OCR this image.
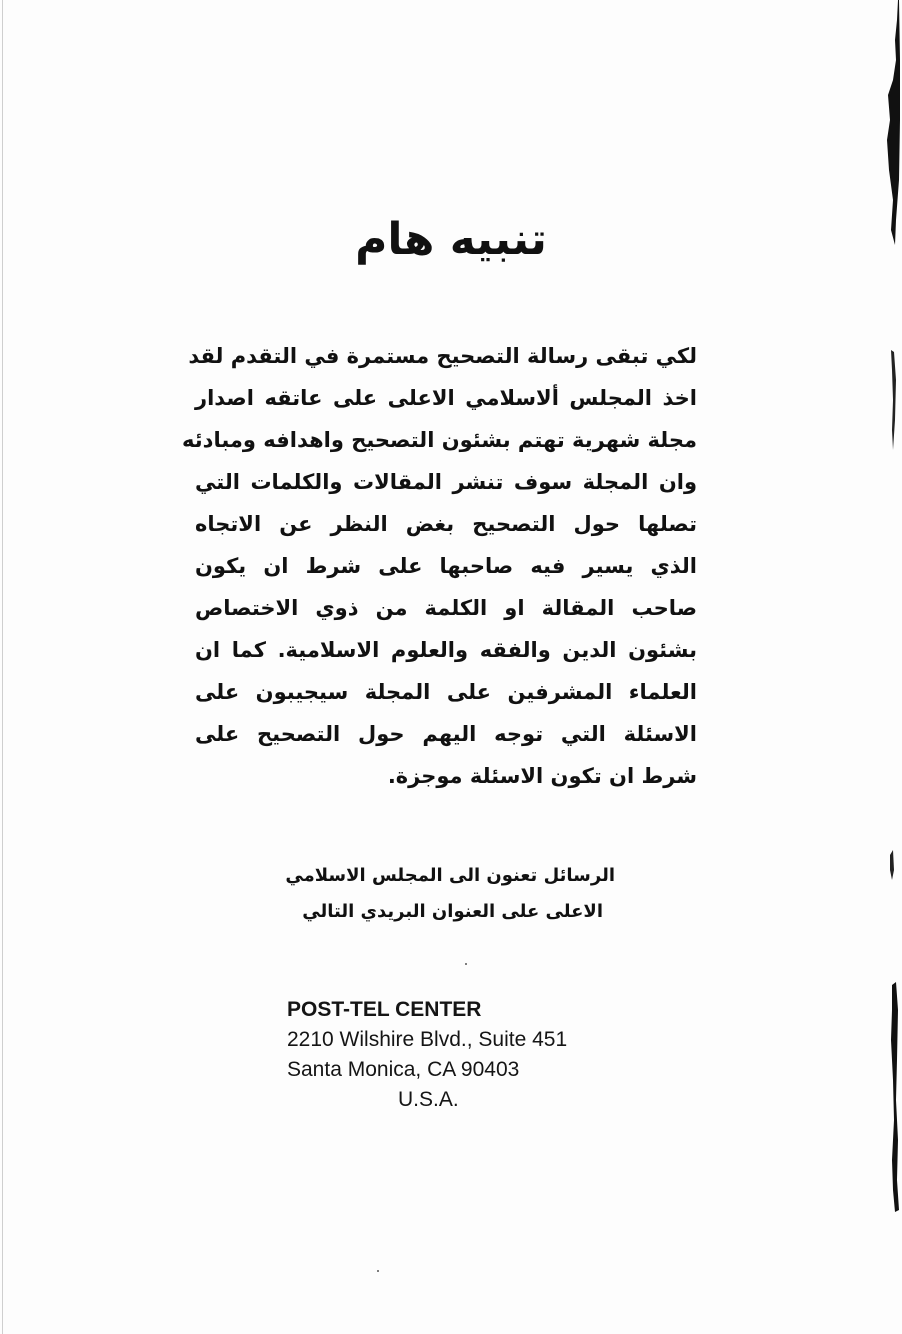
تنبيه هام
لكي تبقى رسالة التصحيح مستمرة في التقدم لقد
اخذ المجلس ألاسلامي الاعلى على عاتقه اصدار
مجلة شهرية تهتم بشئون التصحيح واهدافه ومبادئه
وان المجلة سوف تنشر المقالات والكلمات التي
تصلها حول التصحيح بغض النظر عن الاتجاه
الذي يسير فيه صاحبها على شرط ان يكون
صاحب المقالة او الكلمة من ذوي الاختصاص
بشئون الدين والفقه والعلوم الاسلامية. كما ان
العلماء المشرفين على المجلة سيجيبون على
الاسئلة التي توجه اليهم حول التصحيح على
شرط ان تكون الاسئلة موجزة.
الرسائل تعنون الى المجلس الاسلامي
الاعلى على العنوان البريدي التالي
POST-TEL CENTER
2210 Wilshire Blvd., Suite 451
Santa Monica, CA 90403
U.S.A.
